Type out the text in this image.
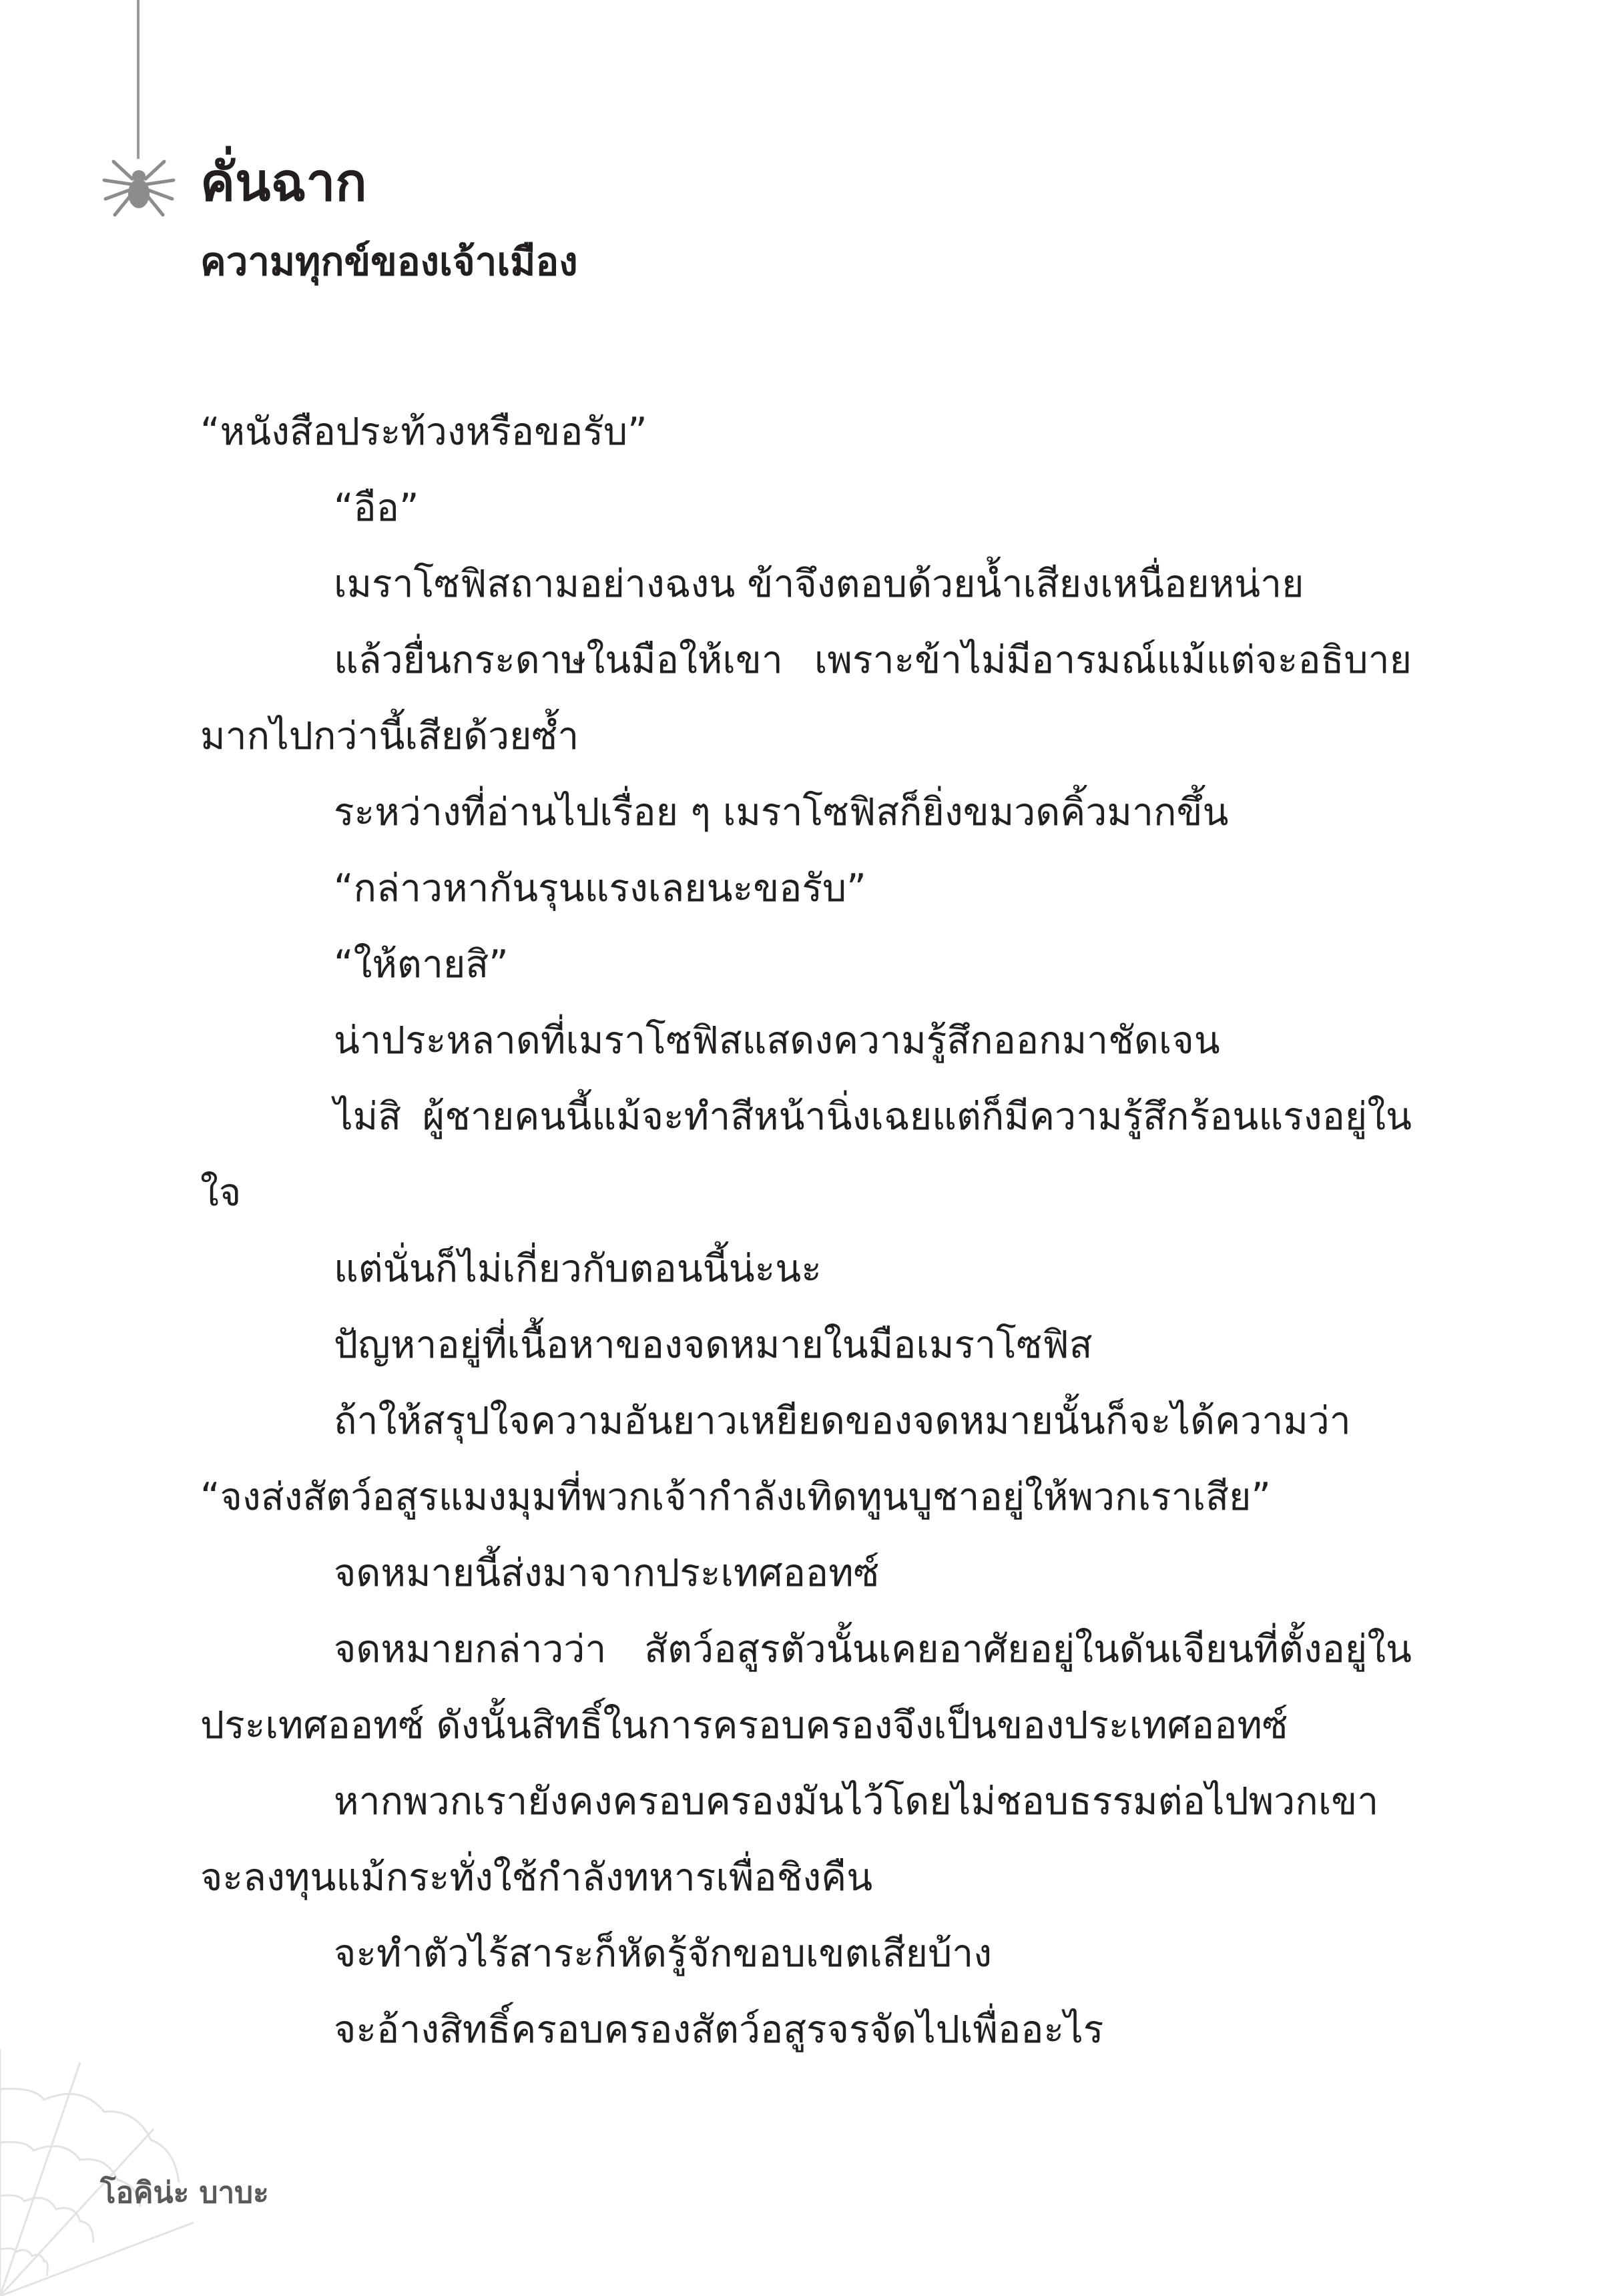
คั่นฉาก
ความทุกข์ของเจ้าเมือง

“หนังสือประท้วงหรือขอรับ”

“อือ”

เมราโซฟิสถามอย่างฉงน ข้าจึงตอบด้วยน้ำเสียงเหนื่อยหน่าย

แล้วยื่นกระดาษในมือให้เขา เพราะข้าไม่มีอารมณ์แม้แต่จะอธิบายมากไปกว่านี้เสียด้วยซ้ำ

ระหว่างที่อ่านไปเรื่อย ๆ เมราโซฟิสก็ยิ่งขมวดคิ้วมากขึ้น

“กล่าวหากันรุนแรงเลยนะขอรับ”

“ให้ตายสิ”

น่าประหลาดที่เมราโซฟิสแสดงความรู้สึกออกมาชัดเจน

ไม่สิ ผู้ชายคนนี้แม้จะทำสีหน้านิ่งเฉยแต่ก็มีความรู้สึกร้อนแรงอยู่ในใจ

แต่นั่นก็ไม่เกี่ยวกับตอนนี้น่ะนะ

ปัญหาอยู่ที่เนื้อหาของจดหมายในมือเมราโซฟิส

ถ้าให้สรุปใจความอันยาวเหยียดของจดหมายนั้นก็จะได้ความว่า “จงส่งสัตว์อสูรแมงมุมที่พวกเจ้ากำลังเทิดทูนบูชาอยู่ให้พวกเราเสีย”

จดหมายนี้ส่งมาจากประเทศออทซ์

จดหมายกล่าวว่า สัตว์อสูรตัวนั้นเคยอาศัยอยู่ในดันเจียนที่ตั้งอยู่ในประเทศออทซ์ ดังนั้นสิทธิ์ในการครอบครองจึงเป็นของประเทศออทซ์

หากพวกเรายังคงครอบครองมันไว้โดยไม่ชอบธรรมต่อไปพวกเขาจะลงทุนแม้กระทั่งใช้กำลังทหารเพื่อชิงคืน

จะทำตัวไร้สาระก็หัดรู้จักขอบเขตเสียบ้าง

จะอ้างสิทธิ์ครอบครองสัตว์อสูรจรจัดไปเพื่ออะไร

โอคิน่ะ บาบะ
